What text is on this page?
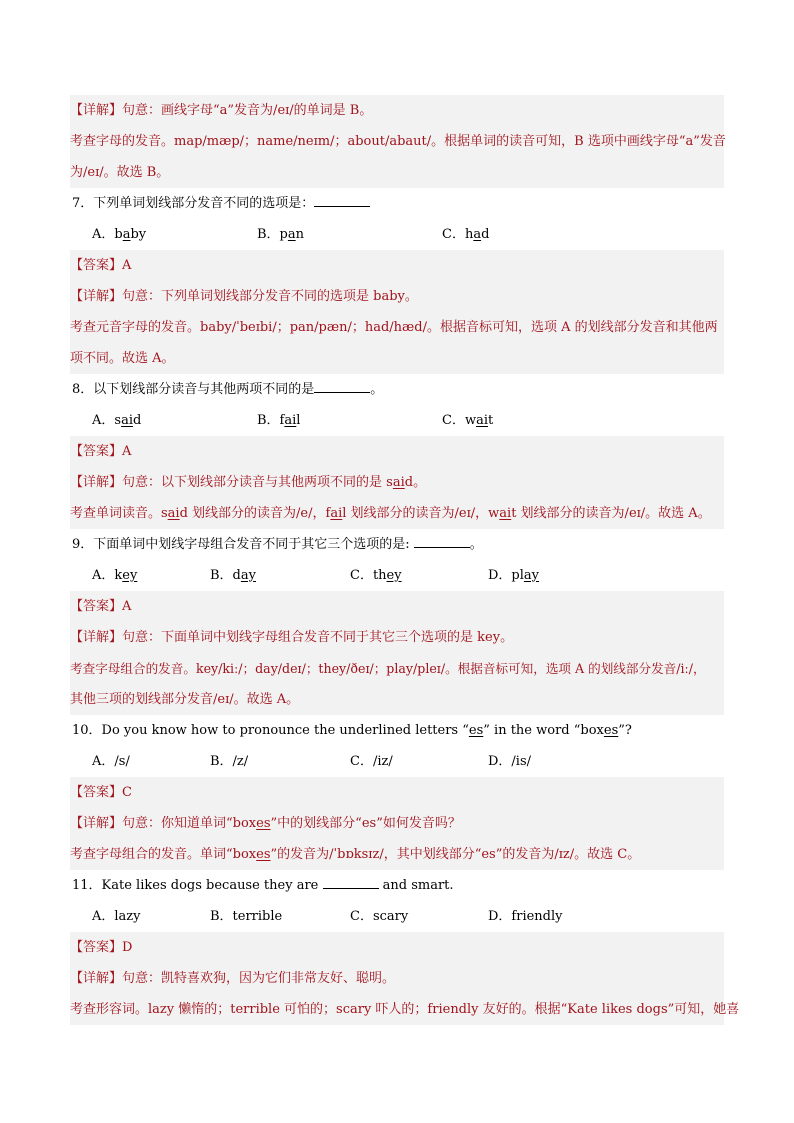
【详解】句意：画线字母“a”发音为/eɪ/的单词是 B。
考查字母的发音。map/mæp/；name/neɪm/；about/abaut/。根据单词的读音可知，B 选项中画线字母“a”发音
为/eɪ/。故选 B。
7．下列单词划线部分发音不同的选项是：
A．baby	B．pan	C．had
【答案】A
【详解】句意：下列单词划线部分发音不同的选项是 baby。
考查元音字母的发音。baby/ˈbeɪbi/；pan/pæn/；had/hæd/。根据音标可知，选项 A 的划线部分发音和其他两
项不同。故选 A。
8．以下划线部分读音与其他两项不同的是	。
A．said	B．fail	C．wait
【答案】A
【详解】句意：以下划线部分读音与其他两项不同的是 said。
考查单词读音。said 划线部分的读音为/e/，fail 划线部分的读音为/eɪ/，wait 划线部分的读音为/eɪ/。故选 A。
9．下面单词中划线字母组合发音不同于其它三个选项的是:	。
A．key	B．day	C．they	D．play
【答案】A
【详解】句意：下面单词中划线字母组合发音不同于其它三个选项的是 key。
考查字母组合的发音。key/kiː/；day/deɪ/；they/ðeɪ/；play/pleɪ/。根据音标可知，选项 A 的划线部分发音/iː/，
其他三项的划线部分发音/eɪ/。故选 A。
10．Do you know how to pronounce the underlined letters “es” in the word “boxes”?
A．/s/	B．/z/	C．/iz/	D．/is/
【答案】C
【详解】句意：你知道单词“boxes”中的划线部分“es”如何发音吗？
考查字母组合的发音。单词“boxes”的发音为/ˈbɒksɪz/，其中划线部分“es”的发音为/ɪz/。故选 C。
11．Kate likes dogs because they are	and smart.
A．lazy	B．terrible	C．scary	D．friendly
【答案】D
【详解】句意：凯特喜欢狗，因为它们非常友好、聪明。
考查形容词。lazy 懒惰的；terrible 可怕的；scary 吓人的；friendly 友好的。根据“Kate likes dogs”可知，她喜
